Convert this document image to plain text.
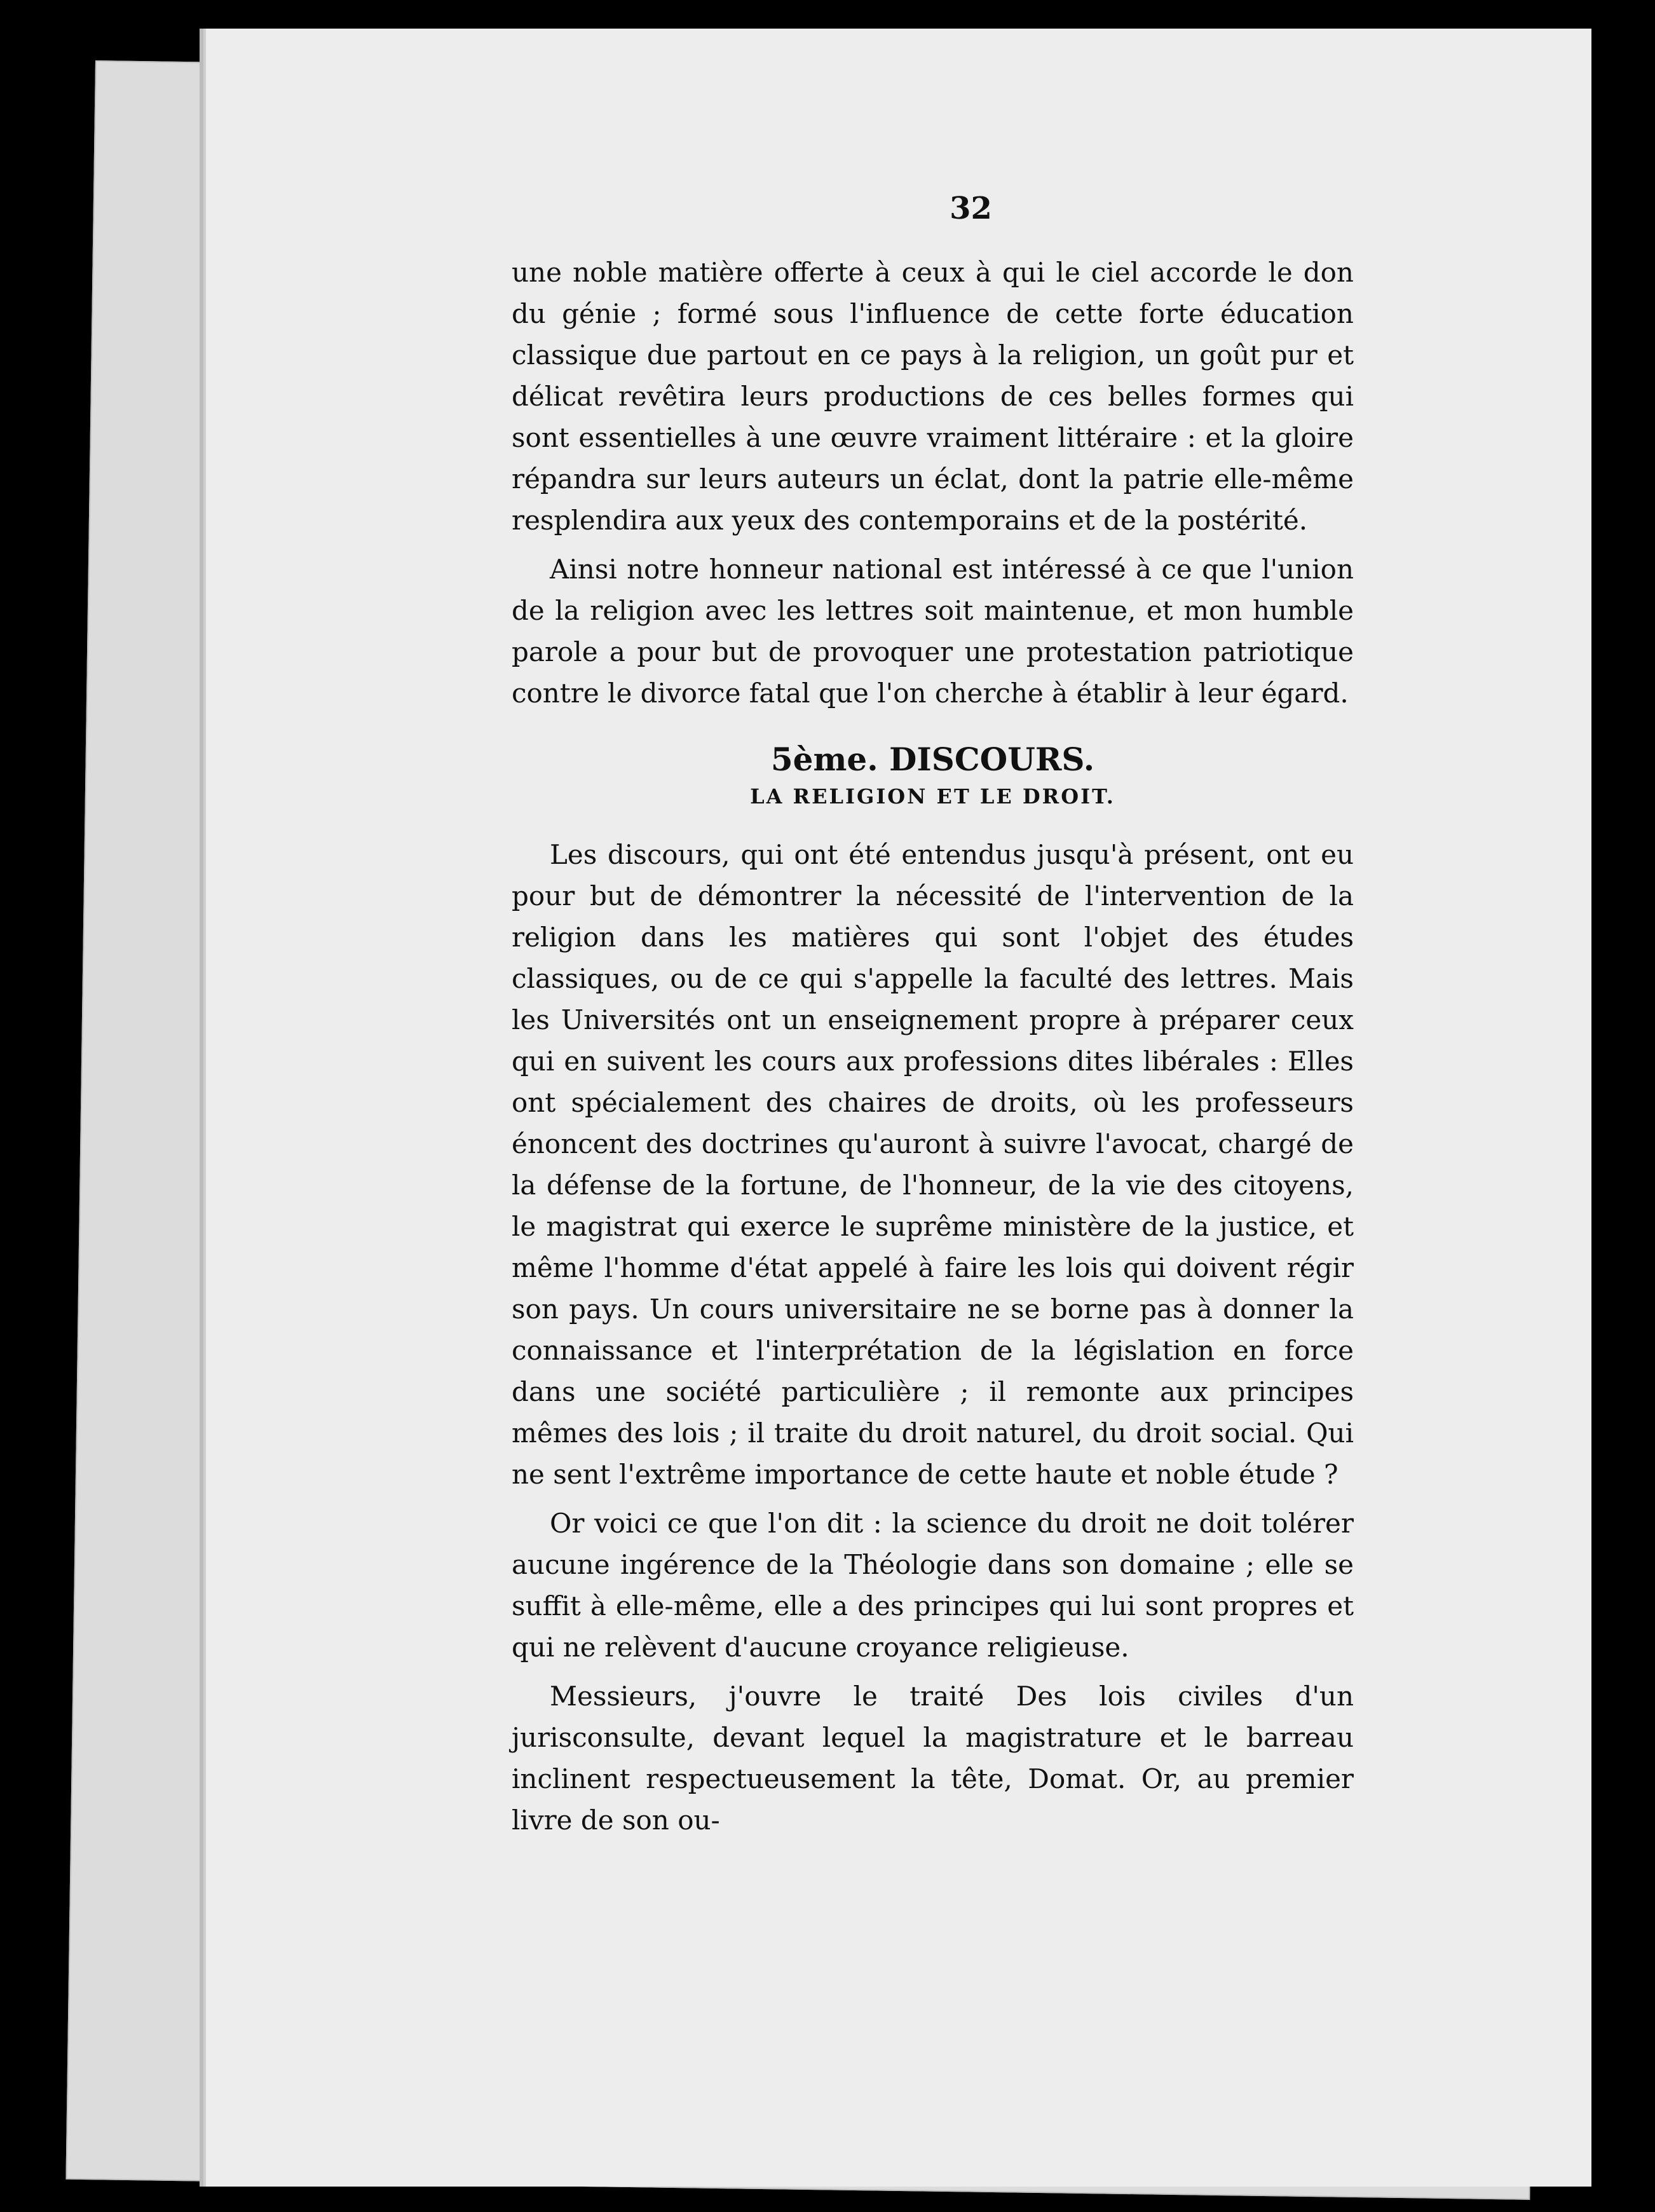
32

une noble matière offerte à ceux à qui le ciel accorde le don du génie ; formé sous l'influence de cette forte éducation classique due partout en ce pays à la religion, un goût pur et délicat revêtira leurs productions de ces belles formes qui sont essentielles à une œuvre vraiment littéraire : et la gloire répandra sur leurs auteurs un éclat, dont la patrie elle-même resplendira aux yeux des contemporains et de la postérité.

Ainsi notre honneur national est intéressé à ce que l'union de la religion avec les lettres soit maintenue, et mon humble parole a pour but de provoquer une protestation patriotique contre le divorce fatal que l'on cherche à établir à leur égard.

5ème. DISCOURS.
LA RELIGION ET LE DROIT.

Les discours, qui ont été entendus jusqu'à présent, ont eu pour but de démontrer la nécessité de l'intervention de la religion dans les matières qui sont l'objet des études classiques, ou de ce qui s'appelle la faculté des lettres. Mais les Universités ont un enseignement propre à préparer ceux qui en suivent les cours aux professions dites libérales : Elles ont spécialement des chaires de droits, où les professeurs énoncent des doctrines qu'auront à suivre l'avocat, chargé de la défense de la fortune, de l'honneur, de la vie des citoyens, le magistrat qui exerce le suprême ministère de la justice, et même l'homme d'état appelé à faire les lois qui doivent régir son pays. Un cours universitaire ne se borne pas à donner la connaissance et l'interprétation de la législation en force dans une société particulière ; il remonte aux principes mêmes des lois ; il traite du droit naturel, du droit social. Qui ne sent l'extrême importance de cette haute et noble étude ?

Or voici ce que l'on dit : la science du droit ne doit tolérer aucune ingérence de la Théologie dans son domaine ; elle se suffit à elle-même, elle a des principes qui lui sont propres et qui ne relèvent d'aucune croyance religieuse.

Messieurs, j'ouvre le traité Des lois civiles d'un jurisconsulte, devant lequel la magistrature et le barreau inclinent respectueusement la tête, Domat. Or, au premier livre de son ou-
